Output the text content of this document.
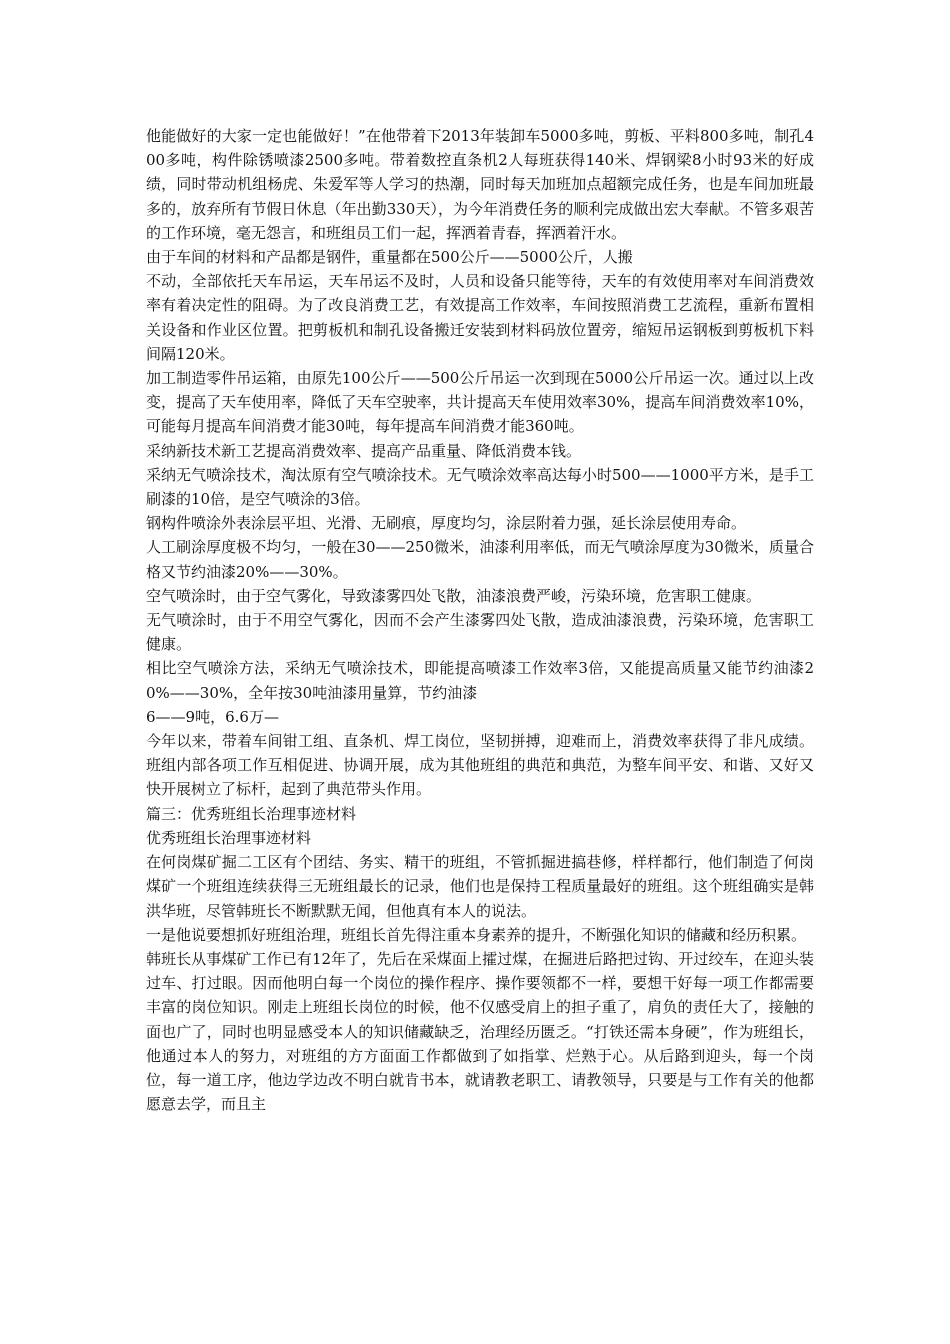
他能做好的大家一定也能做好！”在他带着下2013年装卸车5000多吨，剪板、平料800多吨，制孔400多吨，构件除锈喷漆2500多吨。带着数控直条机2人每班获得140米、焊钢梁8小时93米的好成绩，同时带动机组杨虎、朱爱军等人学习的热潮，同时每天加班加点超额完成任务，也是车间加班最多的，放弃所有节假日休息（年出勤330天），为今年消费任务的顺利完成做出宏大奉献。不管多艰苦的工作环境，毫无怨言，和班组员工们一起，挥洒着青春，挥洒着汗水。

由于车间的材料和产品都是钢件，重量都在500公斤——5000公斤，人搬

不动，全部依托天车吊运，天车吊运不及时，人员和设备只能等待，天车的有效使用率对车间消费效率有着决定性的阻碍。为了改良消费工艺，有效提高工作效率，车间按照消费工艺流程，重新布置相关设备和作业区位置。把剪板机和制孔设备搬迁安装到材料码放位置旁，缩短吊运钢板到剪板机下料间隔120米。

加工制造零件吊运箱，由原先100公斤——500公斤吊运一次到现在5000公斤吊运一次。通过以上改变，提高了天车使用率，降低了天车空驶率，共计提高天车使用效率30%，提高车间消费效率10%，可能每月提高车间消费才能30吨，每年提高车间消费才能360吨。

采纳新技术新工艺提高消费效率、提高产品重量、降低消费本钱。

采纳无气喷涂技术，淘汰原有空气喷涂技术。无气喷涂效率高达每小时500——1000平方米，是手工刷漆的10倍，是空气喷涂的3倍。

钢构件喷涂外表涂层平坦、光滑、无刷痕，厚度均匀，涂层附着力强，延长涂层使用寿命。

人工刷涂厚度极不均匀，一般在30——250微米，油漆利用率低，而无气喷涂厚度为30微米，质量合格又节约油漆20%——30%。

空气喷涂时，由于空气雾化，导致漆雾四处飞散，油漆浪费严峻，污染环境，危害职工健康。

无气喷涂时，由于不用空气雾化，因而不会产生漆雾四处飞散，造成油漆浪费，污染环境，危害职工健康。

相比空气喷涂方法，采纳无气喷涂技术，即能提高喷漆工作效率3倍，又能提高质量又能节约油漆20%——30%，全年按30吨油漆用量算，节约油漆

6——9吨，6.6万—

今年以来，带着车间钳工组、直条机、焊工岗位，坚韧拼搏，迎难而上，消费效率获得了非凡成绩。班组内部各项工作互相促进、协调开展，成为其他班组的典范和典范，为整车间平安、和谐、又好又快开展树立了标杆，起到了典范带头作用。

篇三：优秀班组长治理事迹材料

优秀班组长治理事迹材料

在何岗煤矿掘二工区有个团结、务实、精干的班组，不管抓掘进搞巷修，样样都行，他们制造了何岗煤矿一个班组连续获得三无班组最长的记录，他们也是保持工程质量最好的班组。这个班组确实是韩洪华班，尽管韩班长不断默默无闻，但他真有本人的说法。

一是他说要想抓好班组治理，班组长首先得注重本身素养的提升，不断强化知识的储藏和经历积累。

韩班长从事煤矿工作已有12年了，先后在采煤面上攉过煤，在掘进后路把过钩、开过绞车，在迎头装过车、打过眼。因而他明白每一个岗位的操作程序、操作要领都不一样，要想干好每一项工作都需要丰富的岗位知识。刚走上班组长岗位的时候，他不仅感受肩上的担子重了，肩负的责任大了，接触的面也广了，同时也明显感受本人的知识储藏缺乏，治理经历匮乏。“打铁还需本身硬”，作为班组长，他通过本人的努力，对班组的方方面面工作都做到了如指掌、烂熟于心。从后路到迎头，每一个岗位，每一道工序，他边学边改不明白就肯书本，就请教老职工、请教领导，只要是与工作有关的他都愿意去学，而且主
